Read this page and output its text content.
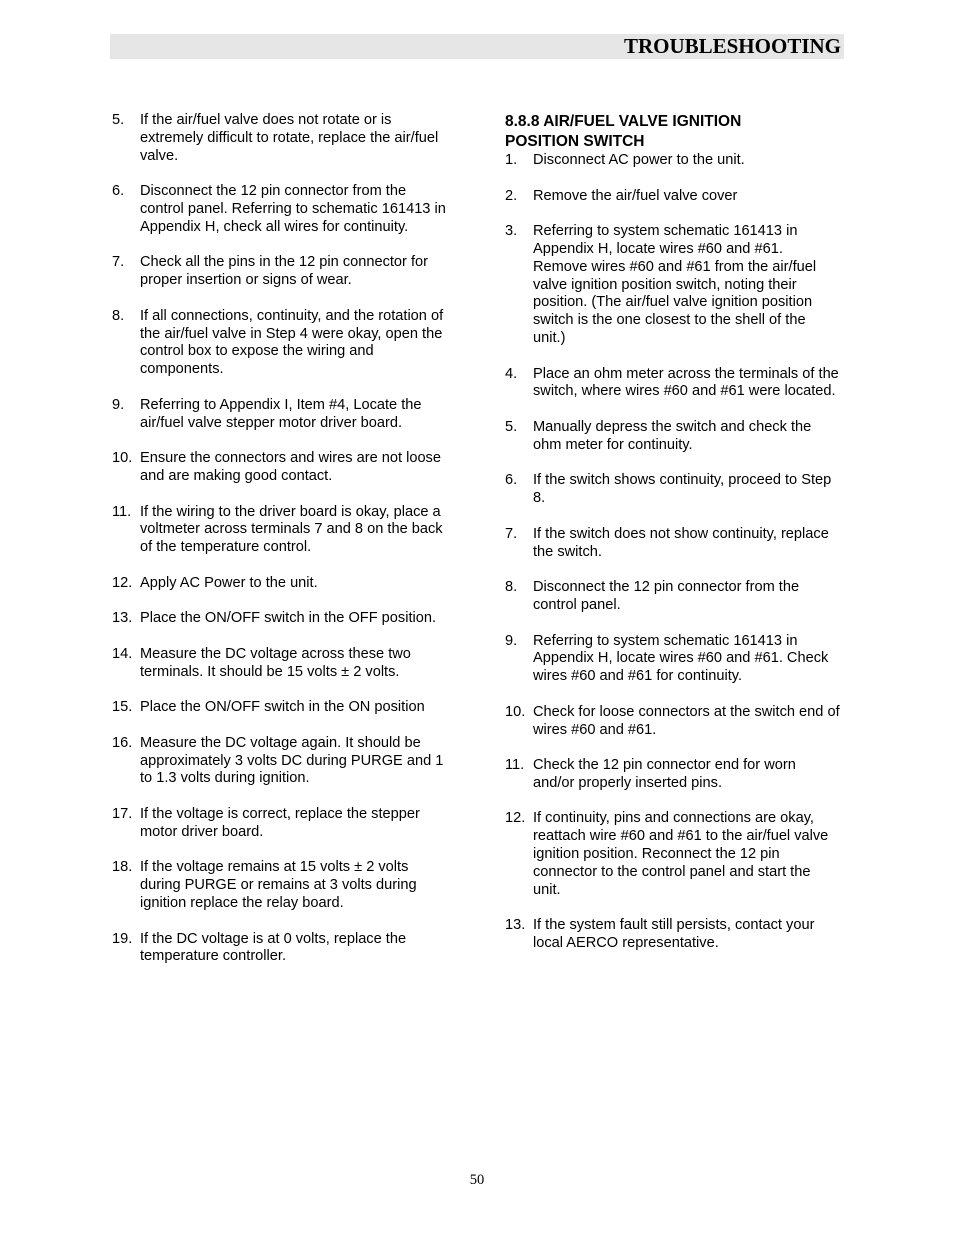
TROUBLESHOOTING
5.	If the air/fuel valve does not rotate or is extremely difficult to rotate, replace the air/fuel valve.
6.	Disconnect the 12 pin connector from the control panel. Referring to schematic 161413 in Appendix H, check all wires for continuity.
7.	Check all the pins in the 12 pin connector for proper insertion or signs of wear.
8.	If all connections, continuity, and the rotation of the air/fuel valve in Step 4 were okay, open the control box to expose the wiring and components.
9.	Referring to Appendix I, Item #4, Locate the air/fuel valve stepper motor driver board.
10. Ensure the connectors and wires are not loose and are making good contact.
11. If the wiring to the driver board is okay, place a voltmeter across terminals 7 and 8 on the back of the temperature control.
12. Apply AC Power to the unit.
13. Place the ON/OFF switch in the OFF position.
14. Measure the DC voltage across these two terminals. It should be 15 volts ± 2 volts.
15. Place the ON/OFF switch in the ON position
16. Measure the DC voltage again. It should be approximately 3 volts DC during PURGE and 1 to 1.3 volts during ignition.
17. If the voltage is correct, replace the stepper motor driver board.
18. If the voltage remains at 15 volts ± 2 volts during PURGE or remains at 3 volts during ignition replace the relay board.
19. If the DC voltage is at 0 volts, replace the temperature controller.
8.8.8 AIR/FUEL VALVE IGNITION POSITION SWITCH
1.	Disconnect AC power to the unit.
2.	Remove the air/fuel valve cover
3.	Referring to system schematic 161413 in Appendix H, locate wires #60 and #61. Remove wires #60 and #61 from the air/fuel valve ignition position switch, noting their position. (The air/fuel valve ignition position switch is the one closest to the shell of the unit.)
4.	Place an ohm meter across the terminals of the switch, where wires #60 and #61 were located.
5.	Manually depress the switch and check the ohm meter for continuity.
6.	If the switch shows continuity, proceed to Step 8.
7.	If the switch does not show continuity, replace the switch.
8.	Disconnect the 12 pin connector from the control panel.
9.	Referring to system schematic 161413 in Appendix H, locate wires #60 and #61. Check wires #60 and #61 for continuity.
10. Check for loose connectors at the switch end of wires #60 and #61.
11. Check the 12 pin connector end for worn and/or properly inserted pins.
12. If continuity, pins and connections are okay, reattach wire #60 and #61 to the air/fuel valve ignition position. Reconnect the 12 pin connector to the control panel and start the unit.
13. If the system fault still persists, contact your local AERCO representative.
50
